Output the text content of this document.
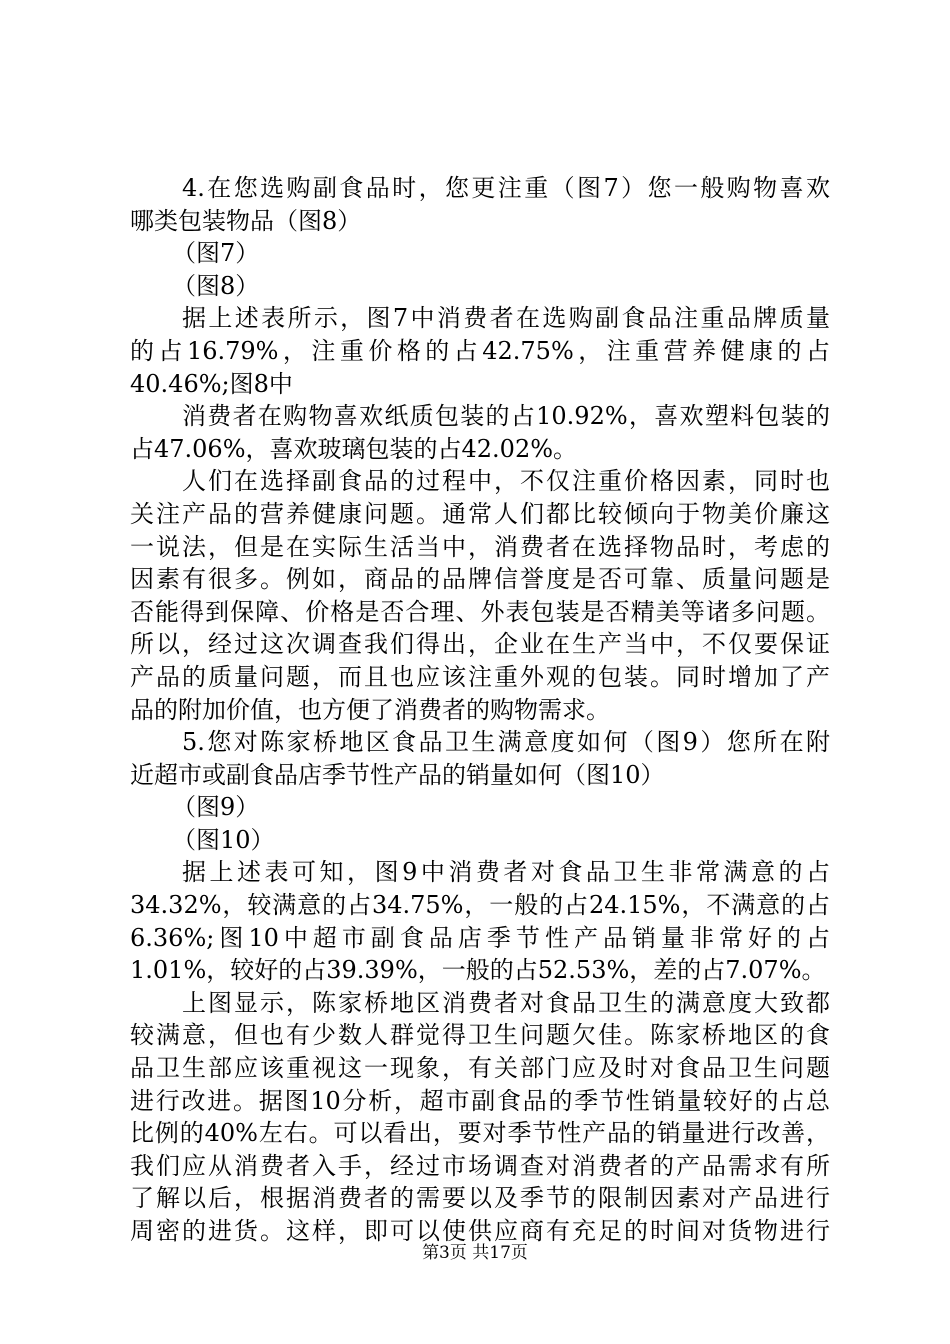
4.在您选购副食品时，您更注重（图7）您一般购物喜欢

哪类包装物品（图8）

（图7）

（图8）

据上述表所示，图7中消费者在选购副食品注重品牌质量

的占16.79%，注重价格的占42.75%，注重营养健康的占

40.46%;图8中

消费者在购物喜欢纸质包装的占10.92%，喜欢塑料包装的

占47.06%，喜欢玻璃包装的占42.02%。

人们在选择副食品的过程中，不仅注重价格因素，同时也

关注产品的营养健康问题。通常人们都比较倾向于物美价廉这

一说法，但是在实际生活当中，消费者在选择物品时，考虑的

因素有很多。例如，商品的品牌信誉度是否可靠、质量问题是

否能得到保障、价格是否合理、外表包装是否精美等诸多问题。

所以，经过这次调查我们得出，企业在生产当中，不仅要保证

产品的质量问题，而且也应该注重外观的包装。同时增加了产

品的附加价值，也方便了消费者的购物需求。

5.您对陈家桥地区食品卫生满意度如何（图9）您所在附

近超市或副食品店季节性产品的销量如何（图10）

（图9）

（图10）

据上述表可知，图9中消费者对食品卫生非常满意的占

34.32%，较满意的占34.75%，一般的占24.15%，不满意的占

6.36%;图10中超市副食品店季节性产品销量非常好的占

1.01%，较好的占39.39%，一般的占52.53%，差的占7.07%。

上图显示，陈家桥地区消费者对食品卫生的满意度大致都

较满意，但也有少数人群觉得卫生问题欠佳。陈家桥地区的食

品卫生部应该重视这一现象，有关部门应及时对食品卫生问题

进行改进。据图10分析，超市副食品的季节性销量较好的占总

比例的40%左右。可以看出，要对季节性产品的销量进行改善，

我们应从消费者入手，经过市场调查对消费者的产品需求有所

了解以后，根据消费者的需要以及季节的限制因素对产品进行

周密的进货。这样，即可以使供应商有充足的时间对货物进行

第3页 共17页
